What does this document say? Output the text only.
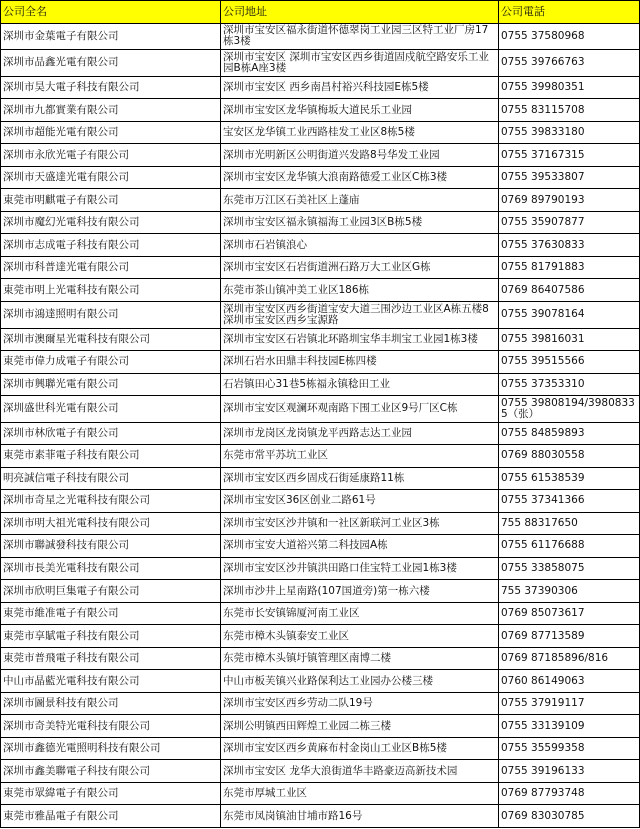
公司全名	公司地址	公司電話
深圳市金葉電子有限公司	深圳市宝安区福永街道怀德翠岗工业园三区特工业厂房17栋3楼	0755 37580968
深圳市品鑫光電有限公司	深圳市宝安区 深圳市宝安区西乡街道固戍航空路安乐工业园B栋A座3楼	0755 39766763
深圳市昊大電子科技有限公司	深圳市宝安区 西乡南昌村裕兴科技园E栋5楼	0755 39980351
深圳市九都實業有限公司	深圳市宝安区龙华镇梅坂大道民乐工业园	0755 83115708
深圳市超能光電有限公司	宝安区龙华镇工业西路桂发工业区8栋5楼	0755 39833180
深圳市永欣光電子有限公司	深圳市光明新区公明街道兴发路8号华发工业园	0755 37167315
深圳市天盛達光電有限公司	深圳市宝安区龙华镇大浪南路德爱工业区C栋3楼	0755 39533807
東莞市明麒電子有限公司	东莞市万江区石美社区上蓬庙	0769 89790193
深圳市魔幻光電科技有限公司	深圳市宝安区福永镇福海工业园3区B栋5楼	0755 35907877
深圳市志成電子科技有限公司	深圳市石岩镇浪心	0755 37630833
深圳市科普達光電有限公司	深圳市宝安区石岩街道洲石路万大工业区G栋	0755 81791883
東莞市明上光電科技有限公司	东莞市茶山镇冲美工业区186栋	0769 86407586
深圳市鴻達照明有限公司	深圳市宝安区西乡街道宝安大道三围沙边工业区A栋五楼8深圳市宝安区西乡宝源路	0755 39078164
深圳市澳爾星光電科技有限公司	深圳市宝安区石岩镇北环路圳宝华丰圳宝工业园1栋3楼	0755 39816031
東莞市偉力成電子有限公司	深圳石岩水田鼎丰科技园E栋四楼	0755 39515566
深圳市興聯光電有限公司	石岩镇田心31巷5栋福永镇稔田工业	0755 37353310
深圳盛世科光電有限公司	深圳市宝安区观澜环观南路下围工业区9号厂区C栋	0755 39808194/39808335（张）
深圳市林欣電子有限公司	深圳市龙岗区龙岗镇龙平西路志达工业园	0755 84859893
東莞市素菲電子科技有限公司	东莞市常平苏坑工业区	0769 88030558
明亮誠信電子科技有限公司	深圳市宝安区西乡固戍石街延康路11栋	0755 61538539
深圳市奇星之光電科技有限公司	深圳市宝安区36区创业二路61号	0755 37341366
深圳市明大祖光電科技有限公司	深圳市宝安区沙井镇和一社区新联河工业区3栋	755 88317650
深圳市聯誠發科技有限公司	深圳市宝安大道裕兴第二科技园A栋	0755 61176688
深圳市長美光電科技有限公司	深圳市宝安区沙井镇洪田路口佳宝特工业园1栋3楼	0755 33858075
深圳市欣明巨集電子有限公司	深圳市沙井上星南路(107国道旁)第一栋六楼	755 37390306
東莞市維准電子有限公司	东莞市长安镇锦厦河南工业区	0769 85073617
東莞市享賦電子科技有限公司	东莞市樟木头镇泰安工业区	0769 87713589
東莞市普飛電子科技有限公司	东莞市樟木头镇圩镇管理区南博二楼	0769 87185896/816
中山市晶藍光電科技有限公司	中山市板芙镇兴业路保利达工业园办公楼三楼	0760 86149063
深圳市圖景科技有限公司	深圳市宝安区西乡劳动二队19号	0755 37919117
深圳市奇美特光電科技有限公司	深圳公明镇西田辉煌工业园二栋三楼	0755 33139109
深圳市鑫德光電照明科技有限公司	深圳市宝安区西乡黄麻布村金岗山工业区B栋5楼	0755 35599358
深圳市鑫美聯電子科技有限公司	深圳市宝安区 龙华大浪街道华丰路豪迈高新技术园	0755 39196133
東莞市眾緯電子有限公司	东莞市厚城工业区	0769 87793748
東莞市雅晶電子有限公司	东莞市凤岗镇油甘埔市路16号	0769 83030785
